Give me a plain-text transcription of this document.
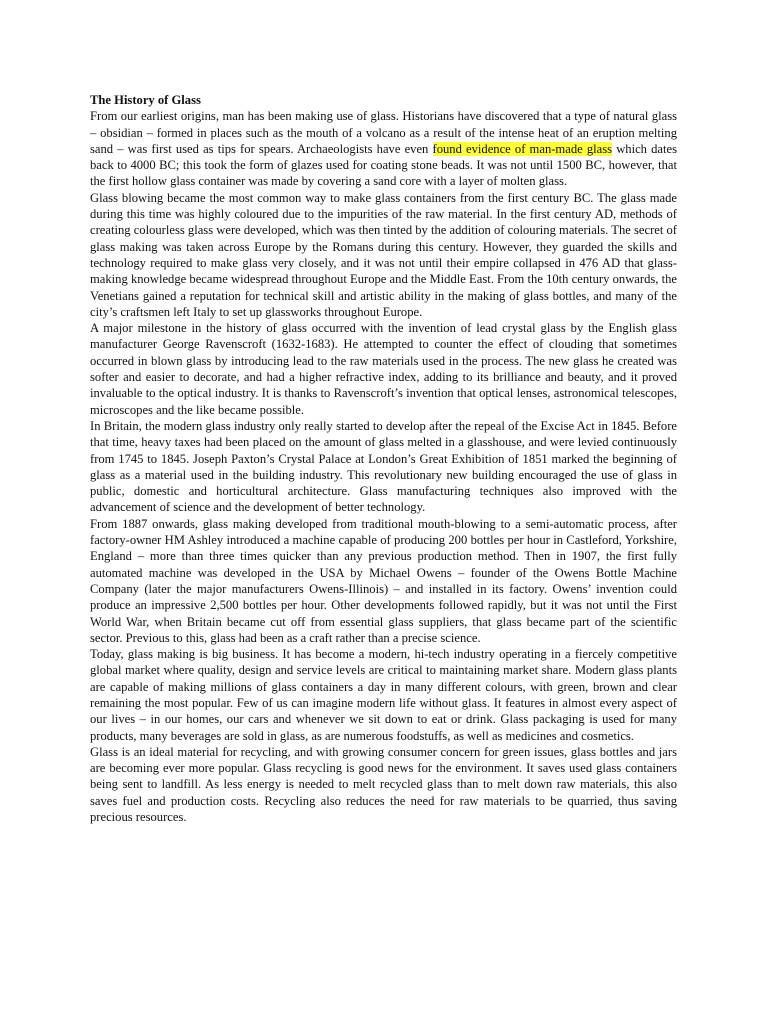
The History of Glass

From our earliest origins, man has been making use of glass. Historians have discovered that a type of natural glass – obsidian – formed in places such as the mouth of a volcano as a result of the intense heat of an eruption melting sand – was first used as tips for spears. Archaeologists have even found evidence of man-made glass which dates back to 4000 BC; this took the form of glazes used for coating stone beads. It was not until 1500 BC, however, that the first hollow glass container was made by covering a sand core with a layer of molten glass.

Glass blowing became the most common way to make glass containers from the first century BC. The glass made during this time was highly coloured due to the impurities of the raw material. In the first century AD, methods of creating colourless glass were developed, which was then tinted by the addition of colouring materials. The secret of glass making was taken across Europe by the Romans during this century. However, they guarded the skills and technology required to make glass very closely, and it was not until their empire collapsed in 476 AD that glass-making knowledge became widespread throughout Europe and the Middle East. From the 10th century onwards, the Venetians gained a reputation for technical skill and artistic ability in the making of glass bottles, and many of the city’s craftsmen left Italy to set up glassworks throughout Europe.

A major milestone in the history of glass occurred with the invention of lead crystal glass by the English glass manufacturer George Ravenscroft (1632-1683). He attempted to counter the effect of clouding that sometimes occurred in blown glass by introducing lead to the raw materials used in the process. The new glass he created was softer and easier to decorate, and had a higher refractive index, adding to its brilliance and beauty, and it proved invaluable to the optical industry. It is thanks to Ravenscroft’s invention that optical lenses, astronomical telescopes, microscopes and the like became possible.

In Britain, the modern glass industry only really started to develop after the repeal of the Excise Act in 1845. Before that time, heavy taxes had been placed on the amount of glass melted in a glasshouse, and were levied continuously from 1745 to 1845. Joseph Paxton’s Crystal Palace at London’s Great Exhibition of 1851 marked the beginning of glass as a material used in the building industry. This revolutionary new building encouraged the use of glass in public, domestic and horticultural architecture. Glass manufacturing techniques also improved with the advancement of science and the development of better technology.

From 1887 onwards, glass making developed from traditional mouth-blowing to a semi-automatic process, after factory-owner HM Ashley introduced a machine capable of producing 200 bottles per hour in Castleford, Yorkshire, England – more than three times quicker than any previous production method. Then in 1907, the first fully automated machine was developed in the USA by Michael Owens – founder of the Owens Bottle Machine Company (later the major manufacturers Owens-Illinois) – and installed in its factory. Owens’ invention could produce an impressive 2,500 bottles per hour. Other developments followed rapidly, but it was not until the First World War, when Britain became cut off from essential glass suppliers, that glass became part of the scientific sector. Previous to this, glass had been as a craft rather than a precise science.

Today, glass making is big business. It has become a modern, hi-tech industry operating in a fiercely competitive global market where quality, design and service levels are critical to maintaining market share. Modern glass plants are capable of making millions of glass containers a day in many different colours, with green, brown and clear remaining the most popular. Few of us can imagine modern life without glass. It features in almost every aspect of our lives – in our homes, our cars and whenever we sit down to eat or drink. Glass packaging is used for many products, many beverages are sold in glass, as are numerous foodstuffs, as well as medicines and cosmetics.

Glass is an ideal material for recycling, and with growing consumer concern for green issues, glass bottles and jars are becoming ever more popular. Glass recycling is good news for the environment. It saves used glass containers being sent to landfill. As less energy is needed to melt recycled glass than to melt down raw materials, this also saves fuel and production costs. Recycling also reduces the need for raw materials to be quarried, thus saving precious resources.
